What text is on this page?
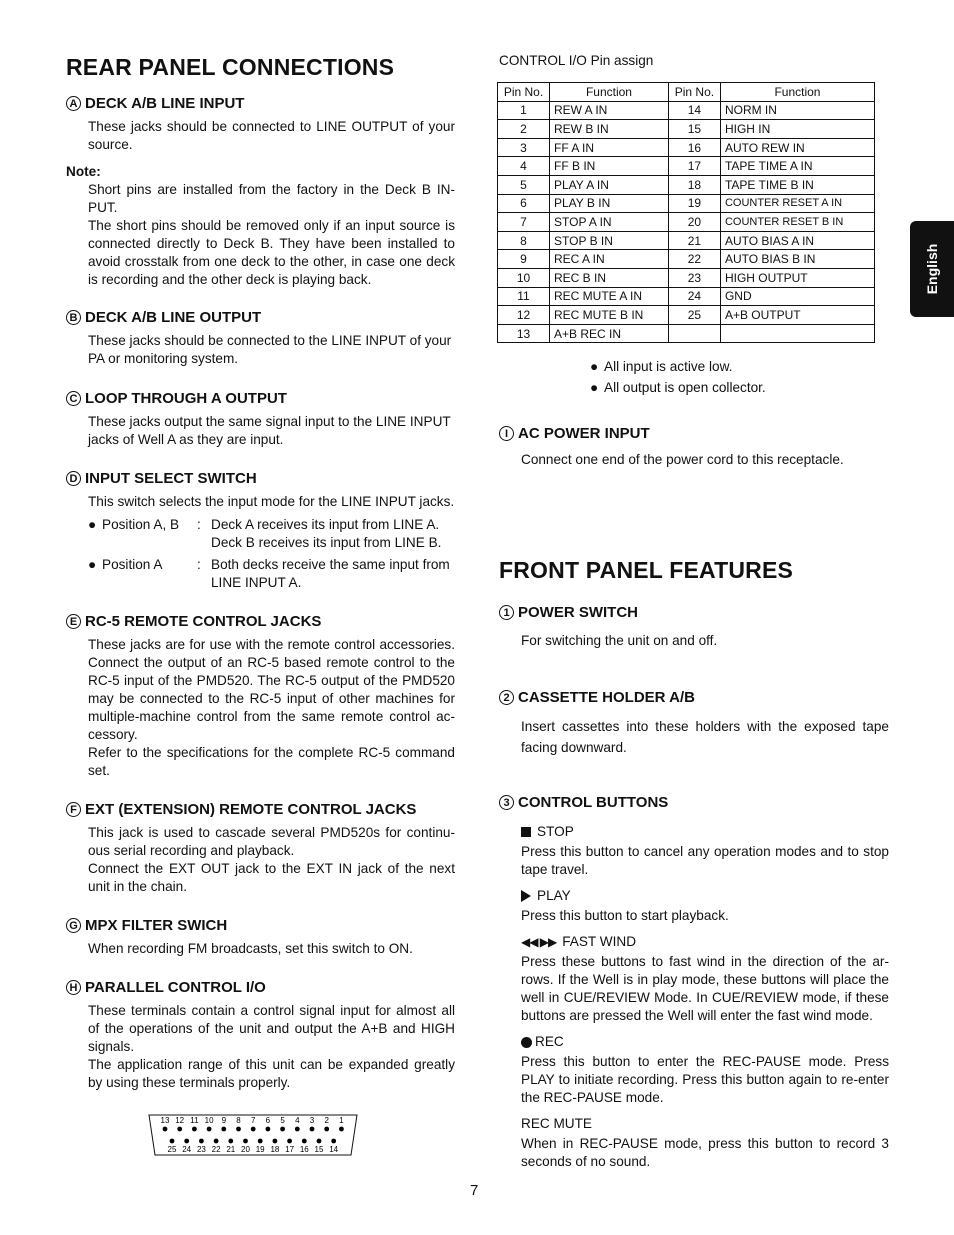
REAR PANEL CONNECTIONS
A DECK A/B LINE INPUT

These jacks should be connected to LINE OUTPUT of your source.

Note:

Short pins are installed from the factory in the Deck B IN-PUT.

The short pins should be removed only if an input source is connected directly to Deck B. They have been installed to avoid crosstalk from one deck to the other, in case one deck is recording and the other deck is playing back.

B DECK A/B LINE OUTPUT

These jacks should be connected to the LINE INPUT of your PA or monitoring system.

C LOOP THROUGH A OUTPUT

These jacks output the same signal input to the LINE INPUT jacks of Well A as they are input.

D INPUT SELECT SWITCH

This switch selects the input mode for the LINE INPUT jacks.

● Position A, B	: Deck A receives its input from LINE A.
Deck B receives its input from LINE B.
● Position A	: Both decks receive the same input from
LINE INPUT A.
E RC-5 REMOTE CONTROL JACKS

These jacks are for use with the remote control accessories. Connect the output of an RC-5 based remote control to the RC-5 input of the PMD520. The RC-5 output of the PMD520 may be connected to the RC-5 input of other machines for multiple-machine control from the same remote control ac-cessory.

Refer to the specifications for the complete RC-5 command set.

F EXT (EXTENSION) REMOTE CONTROL JACKS

This jack is used to cascade several PMD520s for continu-ous serial recording and playback.

Connect the EXT OUT jack to the EXT IN jack of the next unit in the chain.

G MPX FILTER SWICH

When recording FM broadcasts, set this switch to ON.

H PARALLEL CONTROL I/O

These terminals contain a control signal input for almost all of the operations of the unit and output the A+B and HIGH signals.

The application range of this unit can be expanded greatly by using these terminals properly.

13 12 11 10 9 8 7 6 5 4 3 2 1
25 24 23 22 21 20 19 18 17 16 15 14
CONTROL I/O Pin assign
Pin No.	Function	Pin No.	Function
1	REW A IN	14	NORM IN
2	REW B IN	15	HIGH IN
3	FF A IN	16	AUTO REW IN
4	FF B IN	17	TAPE TIME A IN
5	PLAY A IN	18	TAPE TIME B IN
6	PLAY B IN	19	COUNTER RESET A IN
7	STOP A IN	20	COUNTER RESET B IN
8	STOP B IN	21	AUTO BIAS A IN
9	REC A IN	22	AUTO BIAS B IN
10	REC B IN	23	HIGH OUTPUT
11	REC MUTE A IN	24	GND
12	REC MUTE B IN	25	A+B OUTPUT
13	A+B REC IN		
● All input is active low.
● All output is open collector.
I AC POWER INPUT

Connect one end of the power cord to this receptacle.

FRONT PANEL FEATURES
1 POWER SWITCH

For switching the unit on and off.

2 CASSETTE HOLDER A/B

Insert cassettes into these holders with the exposed tape facing downward.

3 CONTROL BUTTONS
STOP

Press this button to cancel any operation modes and to stop tape travel.

PLAY

Press this button to start playback.

◀◀ ▶▶ FAST WIND

Press these buttons to fast wind in the direction of the ar-rows. If the Well is in play mode, these buttons will place the well in CUE/REVIEW Mode. In CUE/REVIEW mode, if these buttons are pressed the Well will enter the fast wind mode.

REC

Press this button to enter the REC-PAUSE mode. Press PLAY to initiate recording. Press this button again to re-enter the REC-PAUSE mode.

REC MUTE

When in REC-PAUSE mode, press this button to record 3 seconds of no sound.

English
7
